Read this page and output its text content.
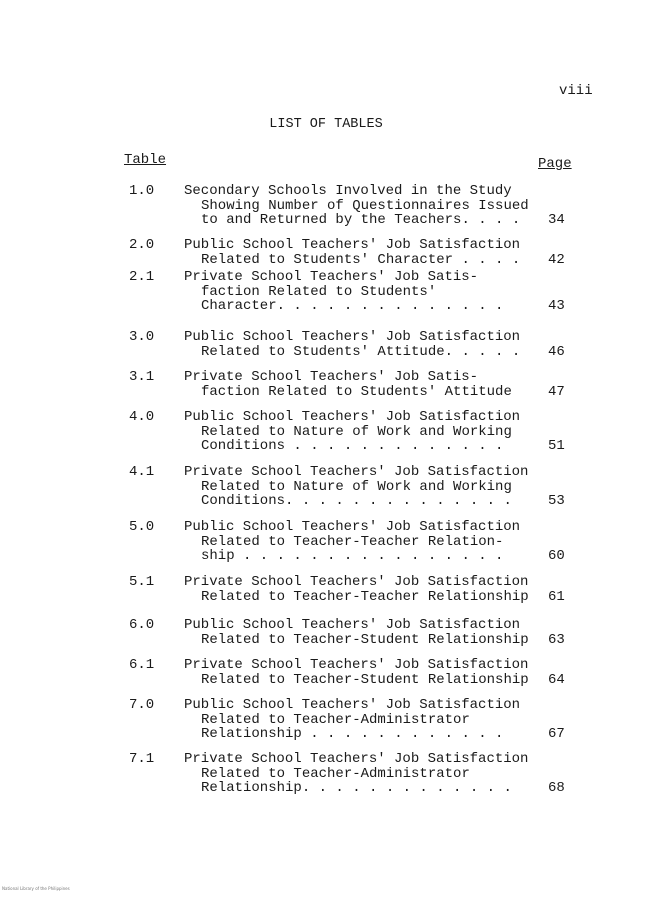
viii
LIST OF TABLES
Table	Page
1.0 Secondary Schools Involved in the Study
Showing Number of Questionnaires Issued
to and Returned by the Teachers. . . .	34
2.0 Public School Teachers' Job Satisfaction
Related to Students' Character . . . . 42
2.1 Private School Teachers' Job Satis-
faction Related to Students'
Character. . . . . . . . . . . . . .	43
3.0 Public School Teachers' Job Satisfaction
Related to Students' Attitude. . . . . 46
3.1 Private School Teachers' Job Satis-
faction Related to Students' Attitude	47
4.0 Public School Teachers' Job Satisfaction
Related to Nature of Work and Working
Conditions . . . . . . . . . . . . .	51
4.1 Private School Teachers' Job Satisfaction
Related to Nature of Work and Working
Conditions. . . . . . . . . . . . . .	53
5.0 Public School Teachers' Job Satisfaction
Related to Teacher-Teacher Relation-
ship . . . . . . . . . . . . . . . .	60
5.1 Private School Teachers' Job Satisfaction
Related to Teacher-Teacher Relationship 61
6.0 Public School Teachers' Job Satisfaction
Related to Teacher-Student Relationship 63
6.1 Private School Teachers' Job Satisfaction
Related to Teacher-Student Relationship 64
7.0 Public School Teachers' Job Satisfaction
Related to Teacher-Administrator
Relationship . . . . . . . . . . . .	67
7.1 Private School Teachers' Job Satisfaction
Related to Teacher-Administrator
Relationship. . . . . . . . . . . . .	68
National Library of the Philippines
